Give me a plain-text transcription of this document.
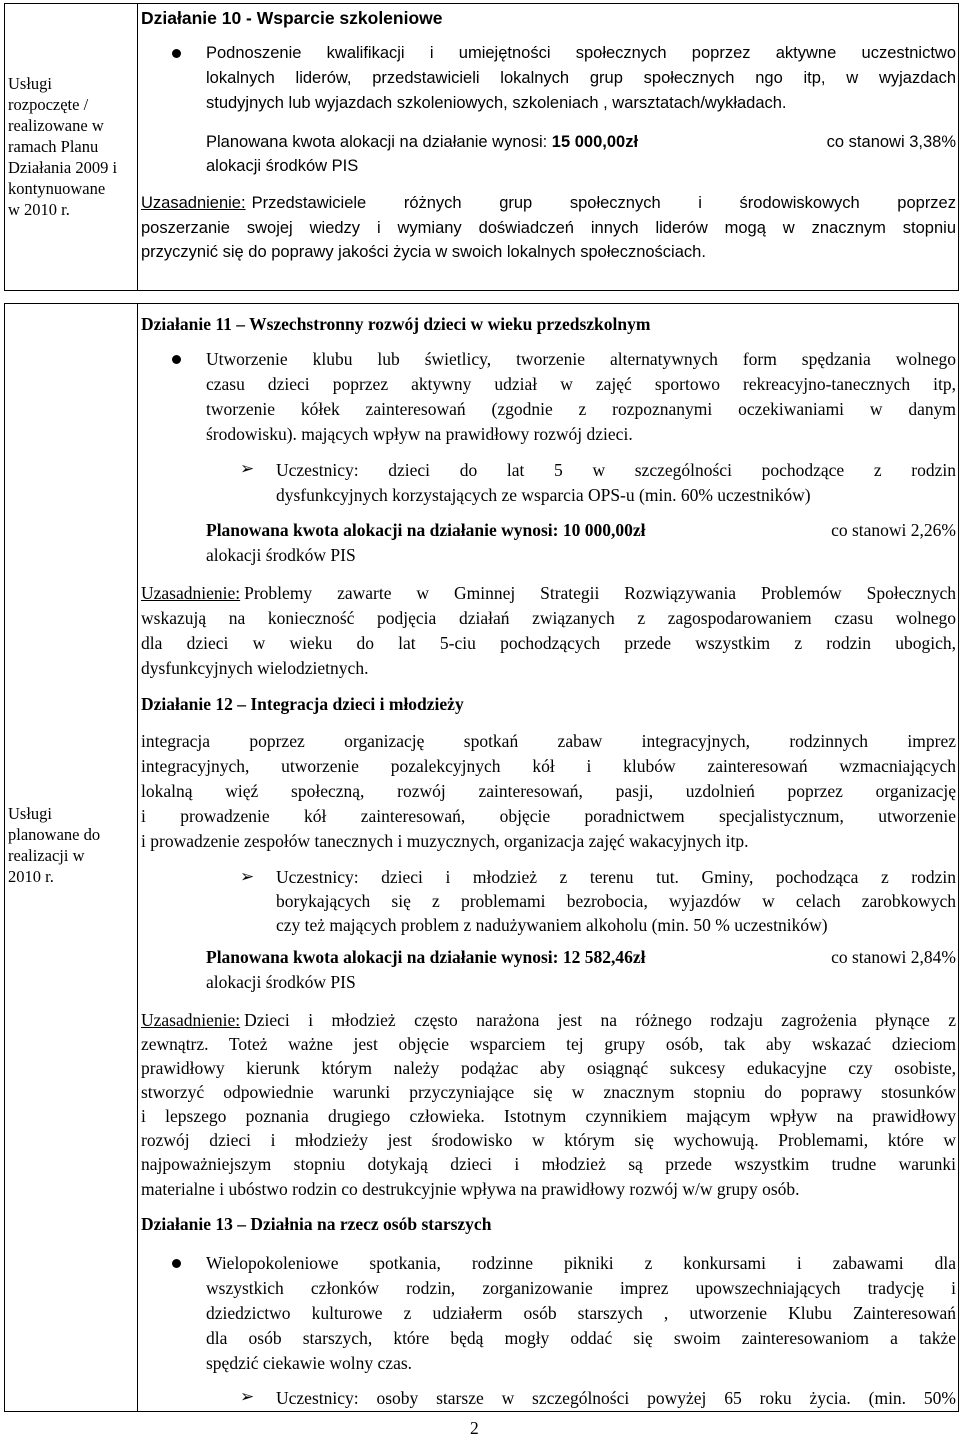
Usługi
rozpoczęte /
realizowane w
ramach Planu
Działania 2009 i
kontynuowane
w 2010 r.
Działanie 10 - Wsparcie szkoleniowe
Podnoszenie kwalifikacji i umiejętności społecznych poprzez aktywne uczestnictwo
lokalnych liderów, przedstawicieli lokalnych grup społecznych ngo itp, w wyjazdach
studyjnych lub wyjazdach szkoleniowych, szkoleniach , warsztatach/wykładach.
Planowana kwota alokacji na działanie wynosi: 15 000,00zł	co stanowi 3,38%
alokacji środków PIS
Uzasadnienie: Przedstawiciele różnych grup społecznych i środowiskowych poprzez
poszerzanie swojej wiedzy i wymiany doświadczeń innych liderów mogą w znacznym stopniu
przyczynić się do poprawy jakości życia w swoich lokalnych społecznościach.
Usługi
planowane do
realizacji w
2010 r.
Działanie 11 – Wszechstronny rozwój dzieci w wieku przedszkolnym
Utworzenie klubu lub świetlicy, tworzenie alternatywnych form spędzania wolnego
czasu dzieci poprzez aktywny udział w zajęć sportowo rekreacyjno-tanecznych itp,
tworzenie kółek zainteresowań (zgodnie z rozpoznanymi oczekiwaniami w danym
środowisku). mających wpływ na prawidłowy rozwój dzieci.
➢ Uczestnicy: dzieci do lat 5 w szczególności pochodzące z rodzin
dysfunkcyjnych korzystających ze wsparcia OPS-u (min. 60% uczestników)
Planowana kwota alokacji na działanie wynosi: 10 000,00zł	co stanowi 2,26%
alokacji środków PIS
Uzasadnienie: Problemy zawarte w Gminnej Strategii Rozwiązywania Problemów Społecznych
wskazują na konieczność podjęcia działań związanych z zagospodarowaniem czasu wolnego
dla dzieci w wieku do lat 5-ciu pochodzących przede wszystkim z rodzin ubogich,
dysfunkcyjnych wielodzietnych.
Działanie 12 – Integracja dzieci i młodzieży
integracja poprzez organizację spotkań zabaw integracyjnych, rodzinnych imprez
integracyjnych, utworzenie pozalekcyjnych kół i klubów zainteresowań wzmacniających
lokalną więź społeczną, rozwój zainteresowań, pasji, uzdolnień poprzez organizację
i prowadzenie kół zainteresowań, objęcie poradnictwem specjalistycznum, utworzenie
i prowadzenie zespołów tanecznych i muzycznych, organizacja zajęć wakacyjnych itp.
➢ Uczestnicy: dzieci i młodzież z terenu tut. Gminy, pochodząca z rodzin
borykających się z problemami bezrobocia, wyjazdów w celach zarobkowych
czy też mających problem z nadużywaniem alkoholu (min. 50 % uczestników)
Planowana kwota alokacji na działanie wynosi: 12 582,46zł	co stanowi 2,84%
alokacji środków PIS
Uzasadnienie: Dzieci i młodzież często narażona jest na różnego rodzaju zagrożenia płynące z
zewnątrz. Toteż ważne jest objęcie wsparciem tej grupy osób, tak aby wskazać dzieciom
prawidłowy kierunk którym należy podążac aby osiągnąć sukcesy edukacyjne czy osobiste,
stworzyć odpowiednie warunki przyczyniające się w znacznym stopniu do poprawy stosunków
i lepszego poznania drugiego człowieka. Istotnym czynnikiem mającym wpływ na prawidłowy
rozwój dzieci i młodzieży jest środowisko w którym się wychowują. Problemami, które w
najpoważniejszym stopniu dotykają dzieci i młodzież są przede wszystkim trudne warunki
materialne i ubóstwo rodzin co destrukcyjnie wpływa na prawidłowy rozwój w/w grupy osób.
Działanie 13 – Działnia na rzecz osób starszych
Wielopokoleniowe spotkania, rodzinne pikniki z konkursami i zabawami dla
wszystkich członków rodzin, zorganizowanie imprez upowszechniających tradycję i
dziedzictwo kulturowe z udziałerm osób starszych , utworzenie Klubu Zainteresowań
dla osób starszych, które będą mogły oddać się swoim zainteresowaniom a także
spędzić ciekawie wolny czas.
➢ Uczestnicy: osoby starsze w szczególności powyżej 65 roku życia. (min. 50%
2
